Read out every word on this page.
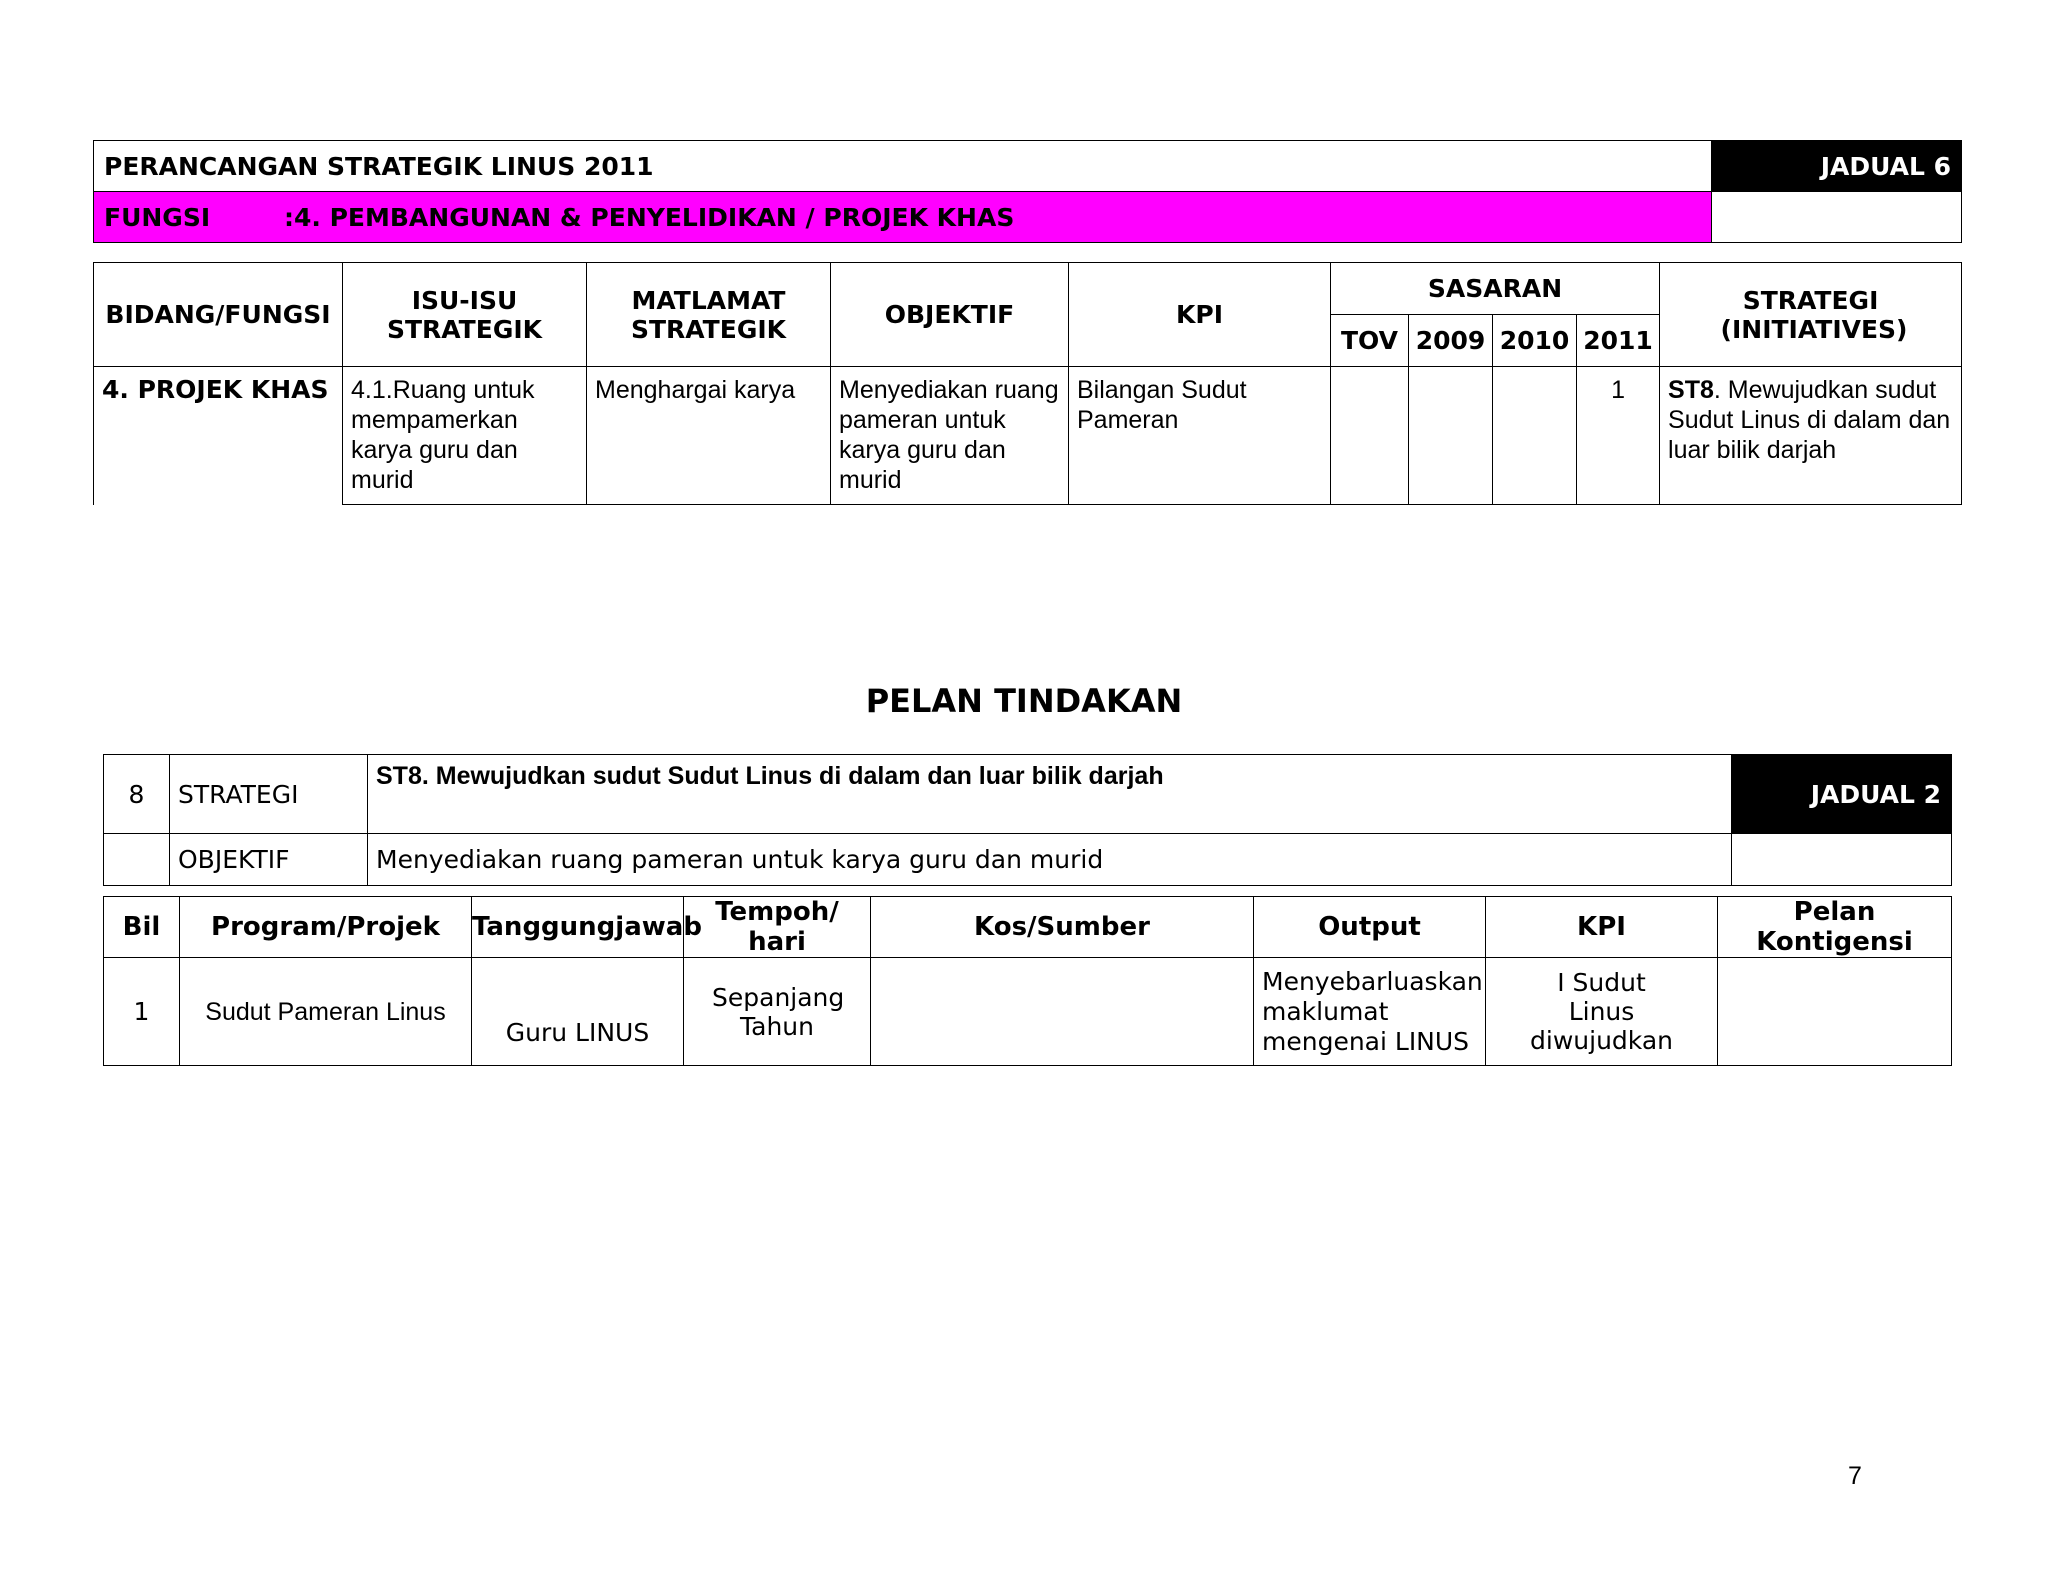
PERANCANGAN STRATEGIK LINUS 2011	JADUAL 6
FUNGSI :4. PEMBANGUNAN & PENYELIDIKAN / PROJEK KHAS	
BIDANG/FUNGSI	ISU-ISU STRATEGIK	MATLAMAT STRATEGIK	OBJEKTIF	KPI	SASARAN				STRATEGI (INITIATIVES)
					TOV	2009	2010	2011	
4. PROJEK KHAS	4.1.Ruang untuk mempamerkan karya guru dan murid	Menghargai karya	Menyediakan ruang pameran untuk karya guru dan murid	Bilangan Sudut Pameran				1	ST8. Mewujudkan sudut Sudut Linus di dalam dan luar bilik darjah
PELAN TINDAKAN
8	STRATEGI	ST8. Mewujudkan sudut Sudut Linus di dalam dan luar bilik darjah	JADUAL 2
	OBJEKTIF	Menyediakan ruang pameran untuk karya guru dan murid	
Bil	Program/Projek	Tanggungjawab	Tempoh/ hari	Kos/Sumber	Output	KPI	Pelan Kontigensi
1	Sudut Pameran Linus	Guru LINUS	Sepanjang Tahun		Menyebarluaskan maklumat mengenai LINUS	I Sudut Linus diwujudkan	
7
